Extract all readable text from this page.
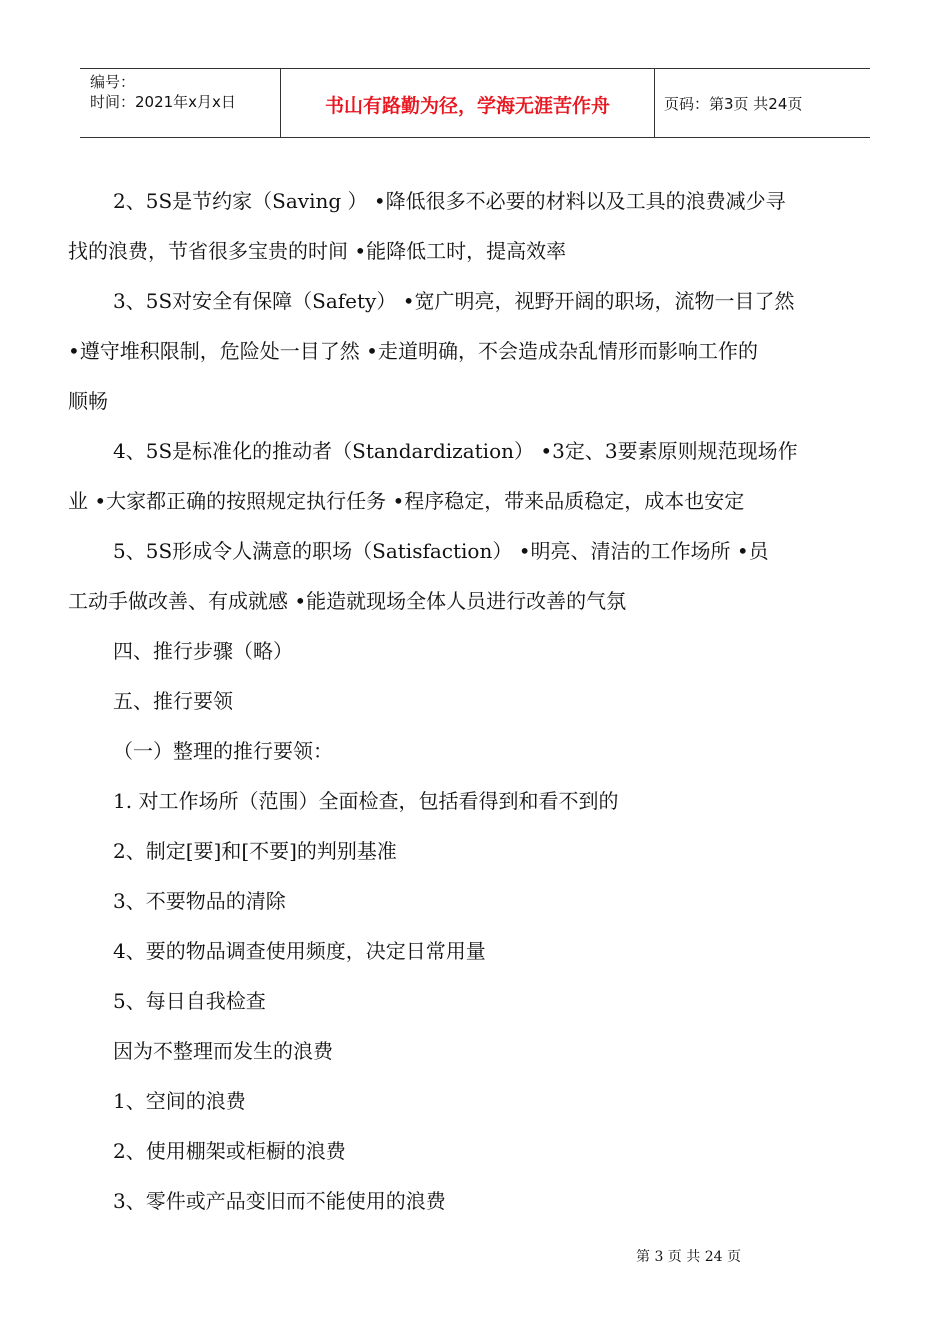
编号：
时间：2021年x月x日	书山有路勤为径，学海无涯苦作舟	页码：第3页 共24页

2、5S是节约家（Saving ） •降低很多不必要的材料以及工具的浪费减少寻

找的浪费，节省很多宝贵的时间 •能降低工时，提高效率

3、5S对安全有保障（Safety） •宽广明亮，视野开阔的职场，流物一目了然

•遵守堆积限制，危险处一目了然 •走道明确，不会造成杂乱情形而影响工作的

顺畅

4、5S是标准化的推动者（Standardization） •3定、3要素原则规范现场作

业 •大家都正确的按照规定执行任务 •程序稳定，带来品质稳定，成本也安定

5、5S形成令人满意的职场（Satisfaction） •明亮、清洁的工作场所 •员

工动手做改善、有成就感 •能造就现场全体人员进行改善的气氛

四、推行步骤（略）

五、推行要领

（一）整理的推行要领：

1. 对工作场所（范围）全面检查，包括看得到和看不到的

2、制定[要]和[不要]的判别基准

3、不要物品的清除

4、要的物品调查使用频度，决定日常用量

5、每日自我检查

因为不整理而发生的浪费

1、空间的浪费

2、使用棚架或柜橱的浪费

3、零件或产品变旧而不能使用的浪费

第 3 页 共 24 页
